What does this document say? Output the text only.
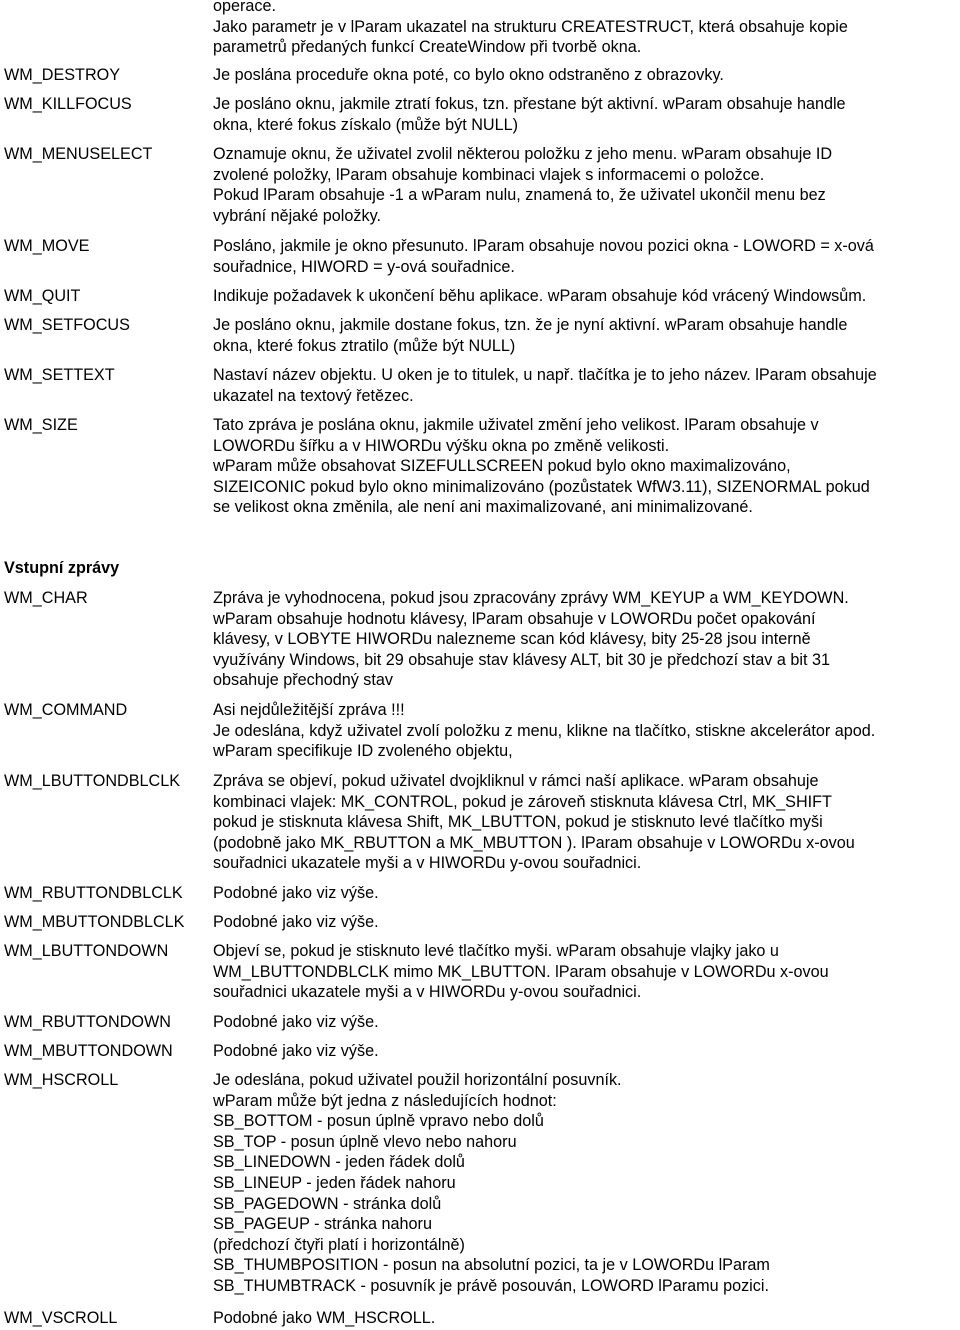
operace.
Jako parametr je v lParam ukazatel na strukturu CREATESTRUCT, která obsahuje kopie
parametrů předaných funkcí CreateWindow při tvorbě okna.
WM_DESTROY	Je poslána proceduře okna poté, co bylo okno odstraněno z obrazovky.
WM_KILLFOCUS	Je posláno oknu, jakmile ztratí fokus, tzn. přestane být aktivní. wParam obsahuje handle
okna, které fokus získalo (může být NULL)
WM_MENUSELECT	Oznamuje oknu, že uživatel zvolil některou položku z jeho menu. wParam obsahuje ID
zvolené položky, lParam obsahuje kombinaci vlajek s informacemi o položce.
Pokud lParam obsahuje -1 a wParam nulu, znamená to, že uživatel ukončil menu bez
vybrání nějaké položky.
WM_MOVE	Posláno, jakmile je okno přesunuto. lParam obsahuje novou pozici okna - LOWORD = x-ová
souřadnice, HIWORD = y-ová souřadnice.
WM_QUIT	Indikuje požadavek k ukončení běhu aplikace. wParam obsahuje kód vrácený Windowsům.
WM_SETFOCUS	Je posláno oknu, jakmile dostane fokus, tzn. že je nyní aktivní. wParam obsahuje handle
okna, které fokus ztratilo (může být NULL)
WM_SETTEXT	Nastaví název objektu. U oken je to titulek, u např. tlačítka je to jeho název. lParam obsahuje
ukazatel na textový řetězec.
WM_SIZE	Tato zpráva je poslána oknu, jakmile uživatel změní jeho velikost. lParam obsahuje v
LOWORDu šířku a v HIWORDu výšku okna po změně velikosti.
wParam může obsahovat SIZEFULLSCREEN pokud bylo okno maximalizováno,
SIZEICONIC pokud bylo okno minimalizováno (pozůstatek WfW3.11), SIZENORMAL pokud
se velikost okna změnila, ale není ani maximalizované, ani minimalizované.
Vstupní zprávy
WM_CHAR	Zpráva je vyhodnocena, pokud jsou zpracovány zprávy WM_KEYUP a WM_KEYDOWN.
wParam obsahuje hodnotu klávesy, lParam obsahuje v LOWORDu počet opakování
klávesy, v LOBYTE HIWORDu nalezneme scan kód klávesy, bity 25-28 jsou interně
využívány Windows, bit 29 obsahuje stav klávesy ALT, bit 30 je předchozí stav a bit 31
obsahuje přechodný stav
WM_COMMAND	Asi nejdůležitější zpráva !!!
Je odeslána, když uživatel zvolí položku z menu, klikne na tlačítko, stiskne akcelerátor apod.
wParam specifikuje ID zvoleného objektu,
WM_LBUTTONDBLCLK	Zpráva se objeví, pokud uživatel dvojkliknul v rámci naší aplikace. wParam obsahuje
kombinaci vlajek: MK_CONTROL, pokud je zároveň stisknuta klávesa Ctrl, MK_SHIFT
pokud je stisknuta klávesa Shift, MK_LBUTTON, pokud je stisknuto levé tlačítko myši
(podobně jako MK_RBUTTON a MK_MBUTTON ). lParam obsahuje v LOWORDu x-ovou
souřadnici ukazatele myši a v HIWORDu y-ovou souřadnici.
WM_RBUTTONDBLCLK	Podobné jako viz výše.
WM_MBUTTONDBLCLK	Podobné jako viz výše.
WM_LBUTTONDOWN	Objeví se, pokud je stisknuto levé tlačítko myši. wParam obsahuje vlajky jako u
WM_LBUTTONDBLCLK mimo MK_LBUTTON. lParam obsahuje v LOWORDu x-ovou
souřadnici ukazatele myši a v HIWORDu y-ovou souřadnici.
WM_RBUTTONDOWN	Podobné jako viz výše.
WM_MBUTTONDOWN	Podobné jako viz výše.
WM_HSCROLL	Je odeslána, pokud uživatel použil horizontální posuvník.
wParam může být jedna z následujících hodnot:
SB_BOTTOM - posun úplně vpravo nebo dolů
SB_TOP - posun úplně vlevo nebo nahoru
SB_LINEDOWN - jeden řádek dolů
SB_LINEUP - jeden řádek nahoru
SB_PAGEDOWN - stránka dolů
SB_PAGEUP - stránka nahoru
(předchozí čtyři platí i horizontálně)
SB_THUMBPOSITION - posun na absolutní pozici, ta je v LOWORDu lParam
SB_THUMBTRACK - posuvník je právě posouván, LOWORD lParamu pozici.
WM_VSCROLL	Podobné jako WM_HSCROLL.
